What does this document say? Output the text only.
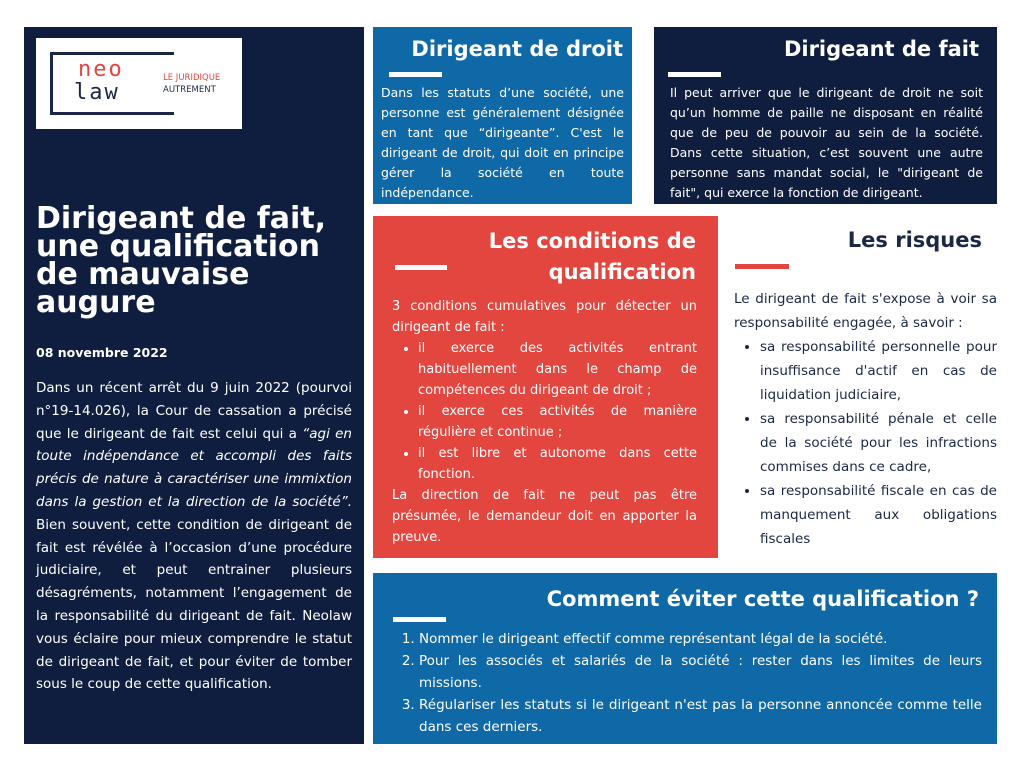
neo
law
LE JURIDIQUE
AUTREMENT
Dirigeant de fait, une qualification de mauvaise augure
08 novembre 2022

Dans un récent arrêt du 9 juin 2022 (pourvoi n°19-14.026), la Cour de cassation a précisé que le dirigeant de fait est celui qui a “agi en toute indépendance et accompli des faits précis de nature à caractériser une immixtion dans la gestion et la direction de la société”. Bien souvent, cette condition de dirigeant de fait est révélée à l’occasion d’une procédure judiciaire, et peut entrainer plusieurs désagréments, notamment l’engagement de la responsabilité du dirigeant de fait. Neolaw vous éclaire pour mieux comprendre le statut de dirigeant de fait, et pour éviter de tomber sous le coup de cette qualification.

Dirigeant de droit
Dans les statuts d’une société, une personne est généralement désignée en tant que “dirigeante”. C'est le dirigeant de droit, qui doit en principe gérer la société en toute indépendance.
Dirigeant de fait
Il peut arriver que le dirigeant de droit ne soit qu’un homme de paille ne disposant en réalité que de peu de pouvoir au sein de la société. Dans cette situation, c’est souvent une autre personne sans mandat social, le "dirigeant de fait", qui exerce la fonction de dirigeant.
Les conditions de
qualification
3 conditions cumulatives pour détecter un dirigeant de fait :
• il exerce des activités entrant habituellement dans le champ de compétences du dirigeant de droit ;
• il exerce ces activités de manière régulière et continue ;
• il est libre et autonome dans cette fonction.
La direction de fait ne peut pas être présumée, le demandeur doit en apporter la preuve.
Les risques
Le dirigeant de fait s'expose à voir sa responsabilité engagée, à savoir :
• sa responsabilité personnelle pour insuffisance d'actif en cas de liquidation judiciaire,
• sa responsabilité pénale et celle de la société pour les infractions commises dans ce cadre,
• sa responsabilité fiscale en cas de manquement aux obligations fiscales
Comment éviter cette qualification ?
1. Nommer le dirigeant effectif comme représentant légal de la société.
2. Pour les associés et salariés de la société : rester dans les limites de leurs missions.
3. Régulariser les statuts si le dirigeant n'est pas la personne annoncée comme telle dans ces derniers.
